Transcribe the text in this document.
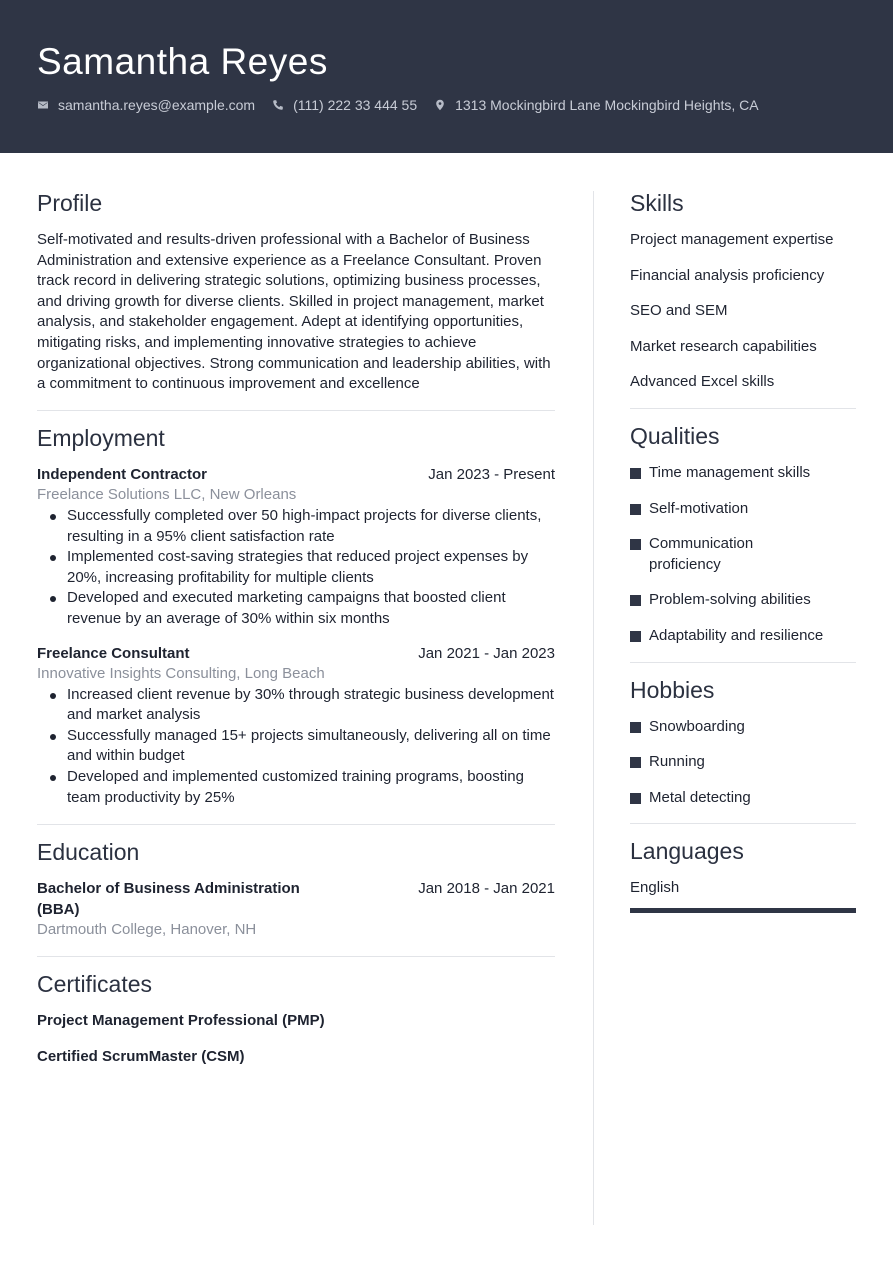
Samantha Reyes
samantha.reyes@example.com	(111) 222 33 444 55	1313 Mockingbird Lane Mockingbird Heights, CA
Profile

Self-motivated and results-driven professional with a Bachelor of Business Administration and extensive experience as a Freelance Consultant. Proven track record in delivering strategic solutions, optimizing business processes, and driving growth for diverse clients. Skilled in project management, market analysis, and stakeholder engagement. Adept at identifying opportunities, mitigating risks, and implementing innovative strategies to achieve organizational objectives. Strong communication and leadership abilities, with a commitment to continuous improvement and excellence

Employment
Independent Contractor	Jan 2023 - Present
Freelance Solutions LLC, New Orleans
Successfully completed over 50 high-impact projects for diverse clients, resulting in a 95% client satisfaction rate
Implemented cost-saving strategies that reduced project expenses by 20%, increasing profitability for multiple clients
Developed and executed marketing campaigns that boosted client revenue by an average of 30% within six months
Freelance Consultant	Jan 2021 - Jan 2023
Innovative Insights Consulting, Long Beach
Increased client revenue by 30% through strategic business development and market analysis
Successfully managed 15+ projects simultaneously, delivering all on time and within budget
Developed and implemented customized training programs, boosting team productivity by 25%
Education
Bachelor of Business Administration (BBA)
Jan 2018 - Jan 2021
Dartmouth College, Hanover, NH
Certificates
Project Management Professional (PMP)
Certified ScrumMaster (CSM)
Skills
Project management expertise
Financial analysis proficiency
SEO and SEM
Market research capabilities
Advanced Excel skills
Qualities
Time management skills
Self-motivation
Communication proficiency
Problem-solving abilities
Adaptability and resilience
Hobbies
Snowboarding
Running
Metal detecting
Languages
English
